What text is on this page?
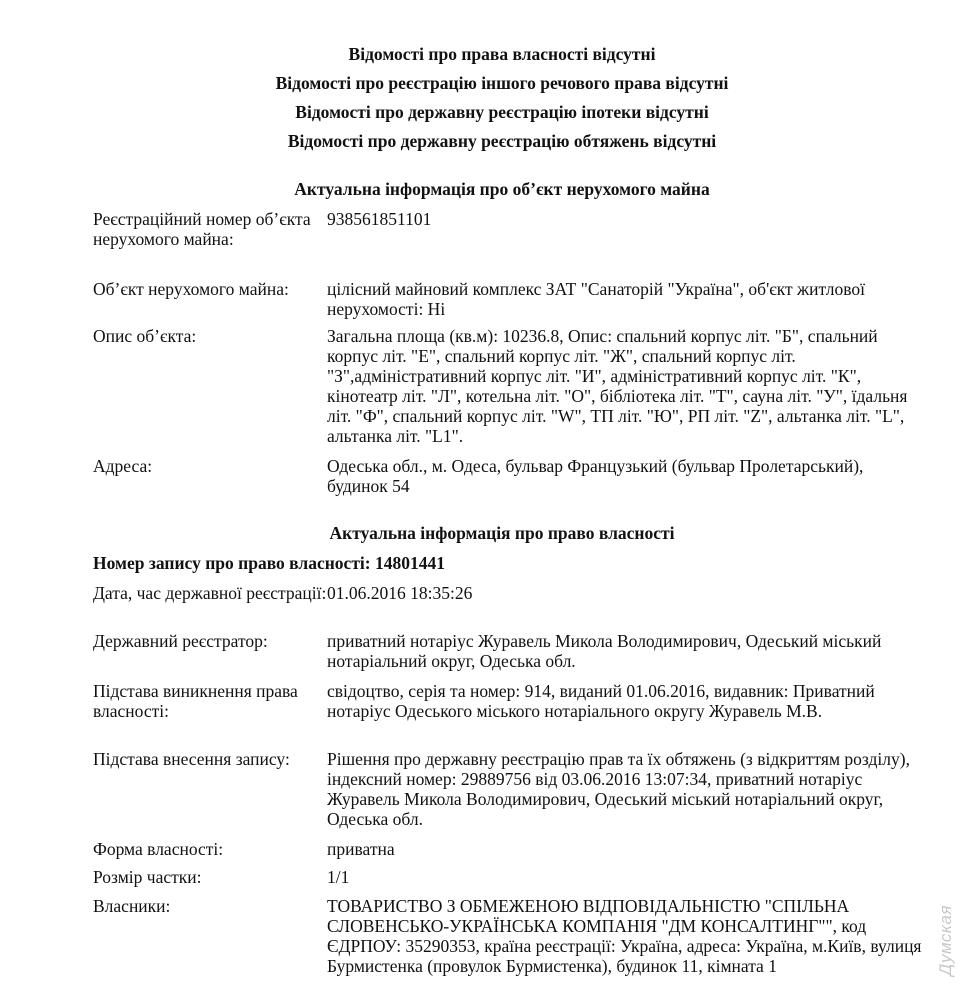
Відомості про права власності відсутні
Відомості про реєстрацію іншого речового права відсутні
Відомості про державну реєстрацію іпотеки відсутні
Відомості про державну реєстрацію обтяжень відсутні
Актуальна інформація про об’єкт нерухомого майна
Реєстраційний номер об’єкта нерухомого майна:
938561851101
Об’єкт нерухомого майна:	цілісний майновий комплекс ЗАТ "Санаторій "Україна", об'єкт житлової нерухомості: Ні
Опис об’єкта:	Загальна площа (кв.м): 10236.8, Опис: спальний корпус літ. "Б", спальний корпус літ. "Е", спальний корпус літ. "Ж", спальний корпус літ. "З",адміністративний корпус літ. "И", адміністративний корпус літ. "К", кінотеатр літ. "Л", котельна літ. "О", бібліотека літ. "Т", сауна літ. "У", їдальня літ. "Ф", спальний корпус літ. "W", ТП літ. "Ю", РП літ. "Z", альтанка літ. "L", альтанка літ. "L1".
Адреса:	Одеська обл., м. Одеса, бульвар Французький (бульвар Пролетарський), будинок 54
Актуальна інформація про право власності
Номер запису про право власності: 14801441
Дата, час державної реєстрації: 01.06.2016 18:35:26
Державний реєстратор:	приватний нотаріус Журавель Микола Володимирович, Одеський міський нотаріальний округ, Одеська обл.
Підстава виникнення права власності:
свідоцтво, серія та номер: 914, виданий 01.06.2016, видавник: Приватний нотаріус Одеського міського нотаріального округу Журавель М.В.
Підстава внесення запису:	Рішення про державну реєстрацію прав та їх обтяжень (з відкриттям розділу), індексний номер: 29889756 від 03.06.2016 13:07:34, приватний нотаріус Журавель Микола Володимирович, Одеський міський нотаріальний округ, Одеська обл.
Форма власності:	приватна
Розмір частки:	1/1
Власники:	ТОВАРИСТВО З ОБМЕЖЕНОЮ ВІДПОВІДАЛЬНІСТЮ "СПІЛЬНА СЛОВЕНСЬКО-УКРАЇНСЬКА КОМПАНІЯ "ДМ КОНСАЛТИНГ"", код ЄДРПОУ: 35290353, країна реєстрації: Україна, адреса: Україна, м.Київ, вулиця Бурмистенка (провулок Бурмистенка), будинок 11, кімната 1	Думская
